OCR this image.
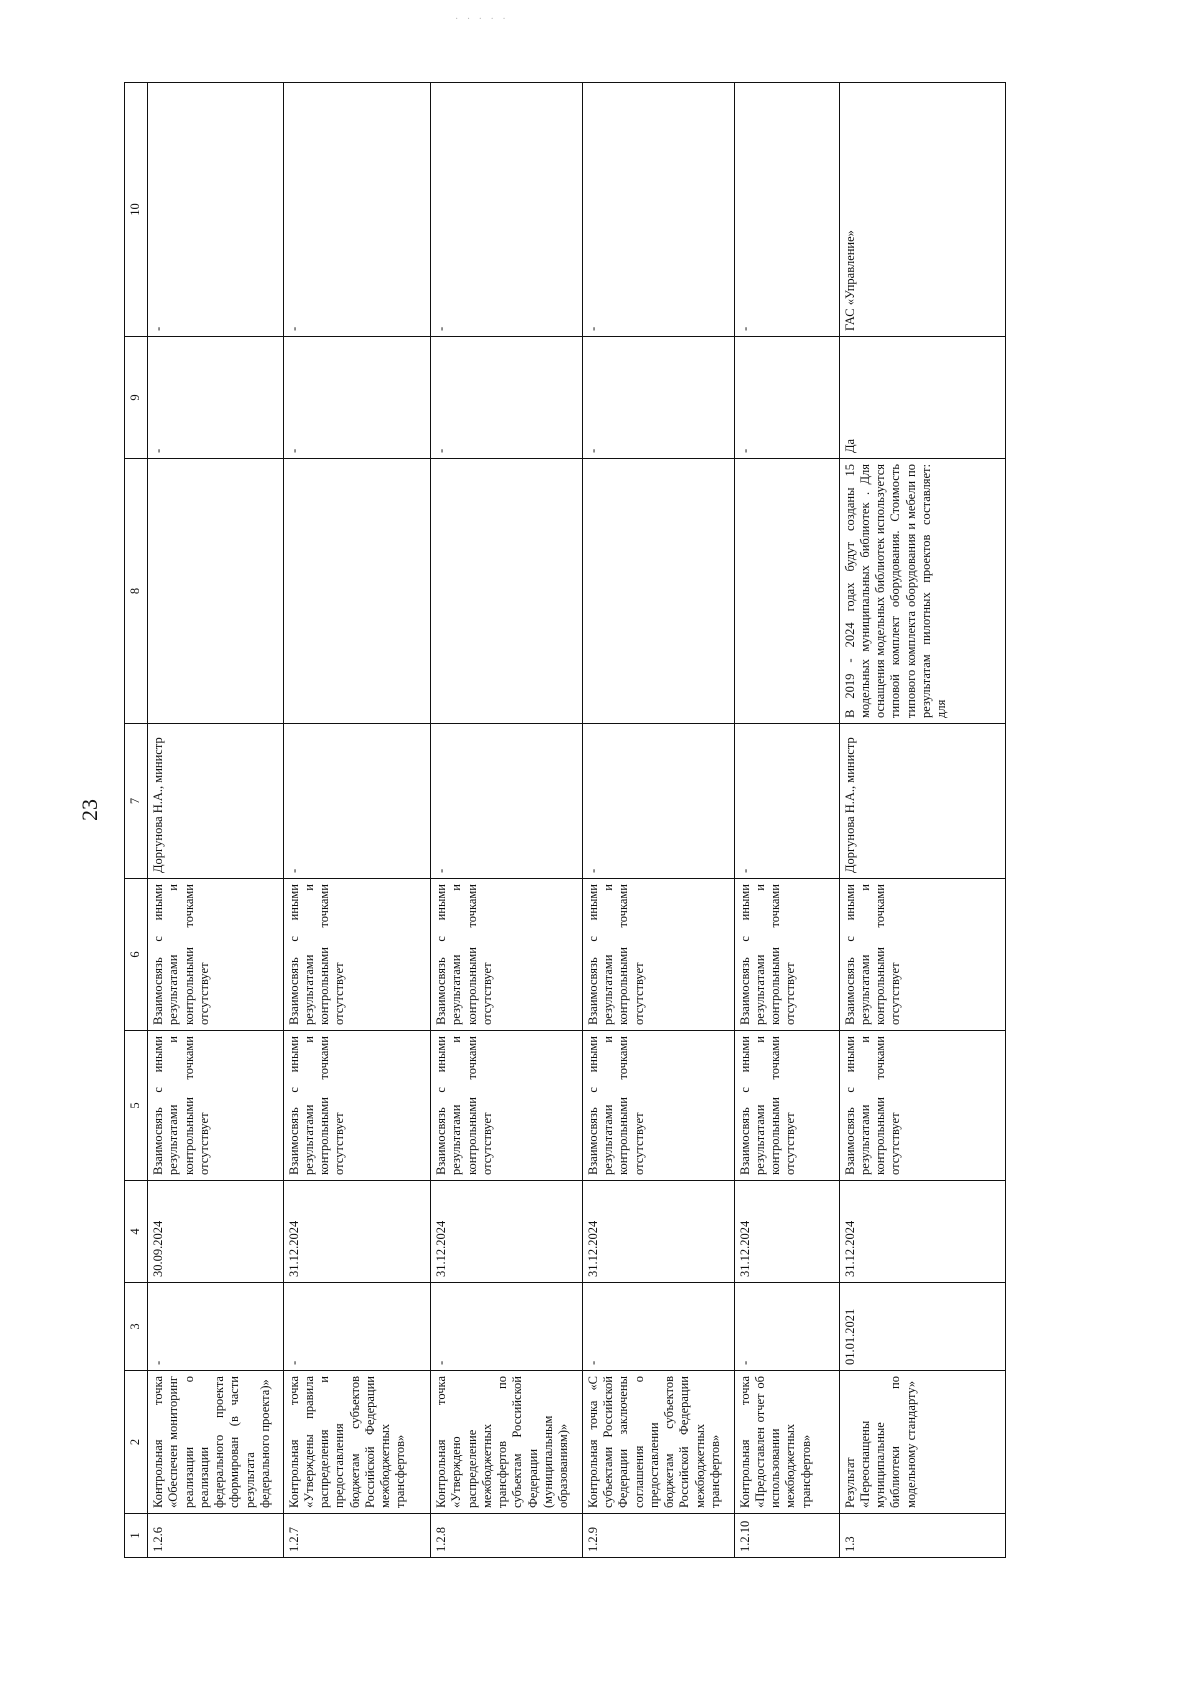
23
· · · · ·
1	2	3	4	5	6	7	8	9	10
1.2.6	Контрольная точка «Обеспечен мониторинг реализации о реализации федерального проекта сформирован (в части результата федерального проекта)»	-	30.09.2024	Взаимосвязь с иными результатами и контрольными точками отсутствует	Взаимосвязь с иными результатами и контрольными точками отсутствует	Доргунова Н.А., министр		-	-
1.2.7	Контрольная точка «Утверждены правила распределения и предоставления бюджетам субъектов Российской Федерации межбюджетных трансфертов»	-	31.12.2024	Взаимосвязь с иными результатами и контрольными точками отсутствует	Взаимосвязь с иными результатами и контрольными точками отсутствует	-		-	-
1.2.8	Контрольная точка «Утверждено распределение межбюджетных трансфертов по субъектам Российской Федерации (муниципальным образованиям)»	-	31.12.2024	Взаимосвязь с иными результатами и контрольными точками отсутствует	Взаимосвязь с иными результатами и контрольными точками отсутствует	-		-	-
1.2.9	Контрольная точка «С субъектами Российской Федерации заключены соглашения о предоставлении бюджетам субъектов Российской Федерации межбюджетных трансфертов»	-	31.12.2024	Взаимосвязь с иными результатами и контрольными точками отсутствует	Взаимосвязь с иными результатами и контрольными точками отсутствует	-		-	-
1.2.10	Контрольная точка «Предоставлен отчет об использовании межбюджетных трансфертов»	-	31.12.2024	Взаимосвязь с иными результатами и контрольными точками отсутствует	Взаимосвязь с иными результатами и контрольными точками отсутствует	-		-	-
1.3	Результат «Переоснащены муниципальные библиотеки по модельному стандарту»	01.01.2021	31.12.2024	Взаимосвязь с иными результатами и контрольными точками отсутствует	Взаимосвязь с иными результатами и контрольными точками отсутствует	Доргунова Н.А., министр	В 2019 - 2024 годах будут созданы 15 модельных муниципальных библиотек . Для оснащения модельных библиотек используется типовой комплект оборудования. Стоимость типового комплекта оборудования и мебели по результатам пилотных проектов составляет: для	Да	ГАС «Управление»
